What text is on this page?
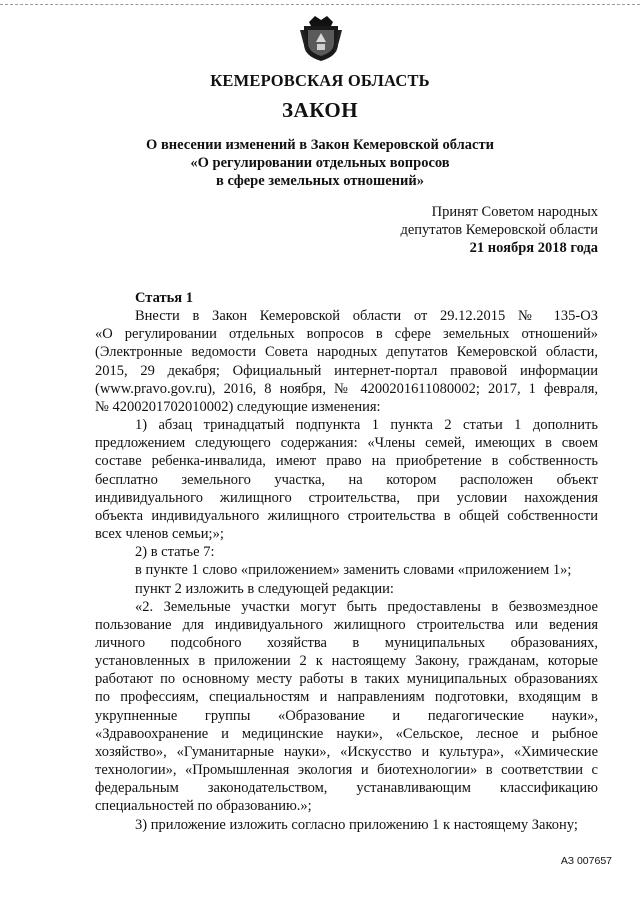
КЕМЕРОВСКАЯ ОБЛАСТЬ
ЗАКОН
О внесении изменений в Закон Кемеровской области
«О регулировании отдельных вопросов
в сфере земельных отношений»
Принят Советом народных
депутатов Кемеровской области
21 ноября 2018 года

Статья 1

Внести в Закон Кемеровской области от 29.12.2015 № 135-ОЗ

«О регулировании отдельных вопросов в сфере земельных отношений»

(Электронные ведомости Совета народных депутатов Кемеровской области,

2015, 29 декабря; Официальный интернет-портал правовой информации

(www.pravo.gov.ru), 2016, 8 ноября, № 4200201611080002; 2017, 1 февраля,

№ 4200201702010002) следующие изменения:

1) абзац тринадцатый подпункта 1 пункта 2 статьи 1 дополнить

предложением следующего содержания: «Члены семей, имеющих в своем

составе ребенка-инвалида, имеют право на приобретение в собственность

бесплатно земельного участка, на котором расположен объект

индивидуального жилищного строительства, при условии нахождения

объекта индивидуального жилищного строительства в общей собственности

всех членов семьи;»;

2) в статье 7:

в пункте 1 слово «приложением» заменить словами «приложением 1»;

пункт 2 изложить в следующей редакции:

«2. Земельные участки могут быть предоставлены в безвозмездное

пользование для индивидуального жилищного строительства или ведения

личного подсобного хозяйства в муниципальных образованиях,

установленных в приложении 2 к настоящему Закону, гражданам, которые

работают по основному месту работы в таких муниципальных образованиях

по профессиям, специальностям и направлениям подготовки, входящим в

укрупненные группы «Образование и педагогические науки»,

«Здравоохранение и медицинские науки», «Сельское, лесное и рыбное

хозяйство», «Гуманитарные науки», «Искусство и культура», «Химические

технологии», «Промышленная экология и биотехнологии» в соответствии с

федеральным законодательством, устанавливающим классификацию

специальностей по образованию.»;

3) приложение изложить согласно приложению 1 к настоящему Закону;

АЗ 007657
